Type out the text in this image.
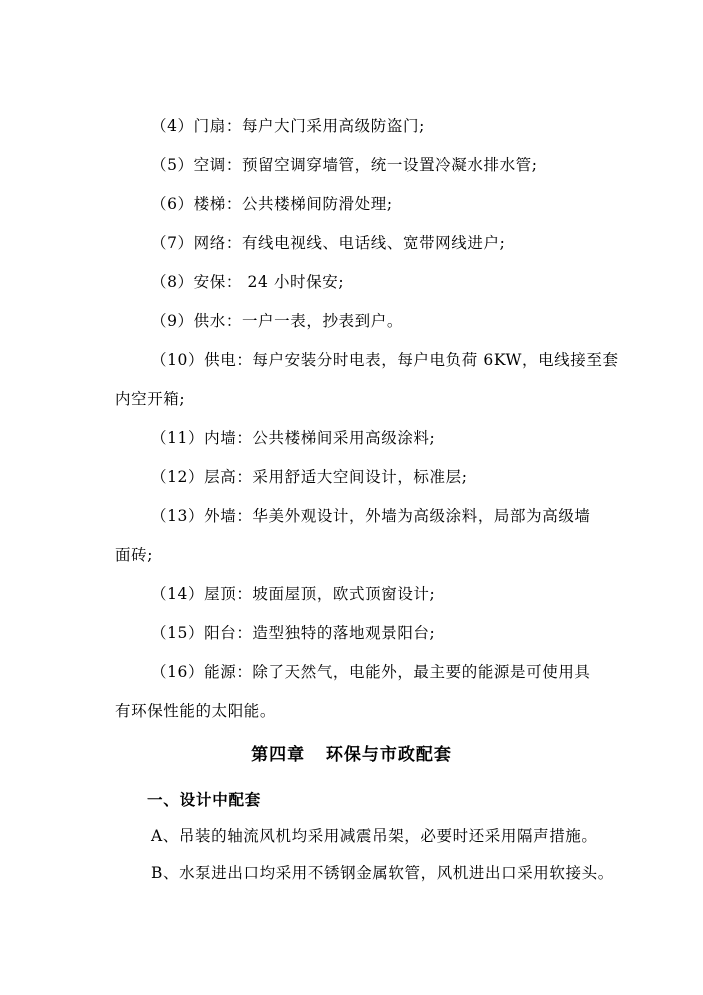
（4）门扇：每户大门采用高级防盗门;
（5）空调：预留空调穿墙管，统一设置冷凝水排水管;
（6）楼梯：公共楼梯间防滑处理;
（7）网络：有线电视线、电话线、宽带网线进户;
（8）安保： 24 小时保安;
（9）供水：一户一表，抄表到户。
（10）供电：每户安装分时电表，每户电负荷 6KW，电线接至套
内空开箱;
（11）内墙：公共楼梯间采用高级涂料;
（12）层高：采用舒适大空间设计，标准层;
（13）外墙：华美外观设计，外墙为高级涂料，局部为高级墙
面砖;
（14）屋顶：坡面屋顶，欧式顶窗设计;
（15）阳台：造型独特的落地观景阳台;
（16）能源：除了天然气，电能外，最主要的能源是可使用具
有环保性能的太阳能。
第四章   环保与市政配套
一、设计中配套
A、吊装的轴流风机均采用减震吊架，必要时还采用隔声措施。
B、水泵进出口均采用不锈钢金属软管，风机进出口采用软接头。
